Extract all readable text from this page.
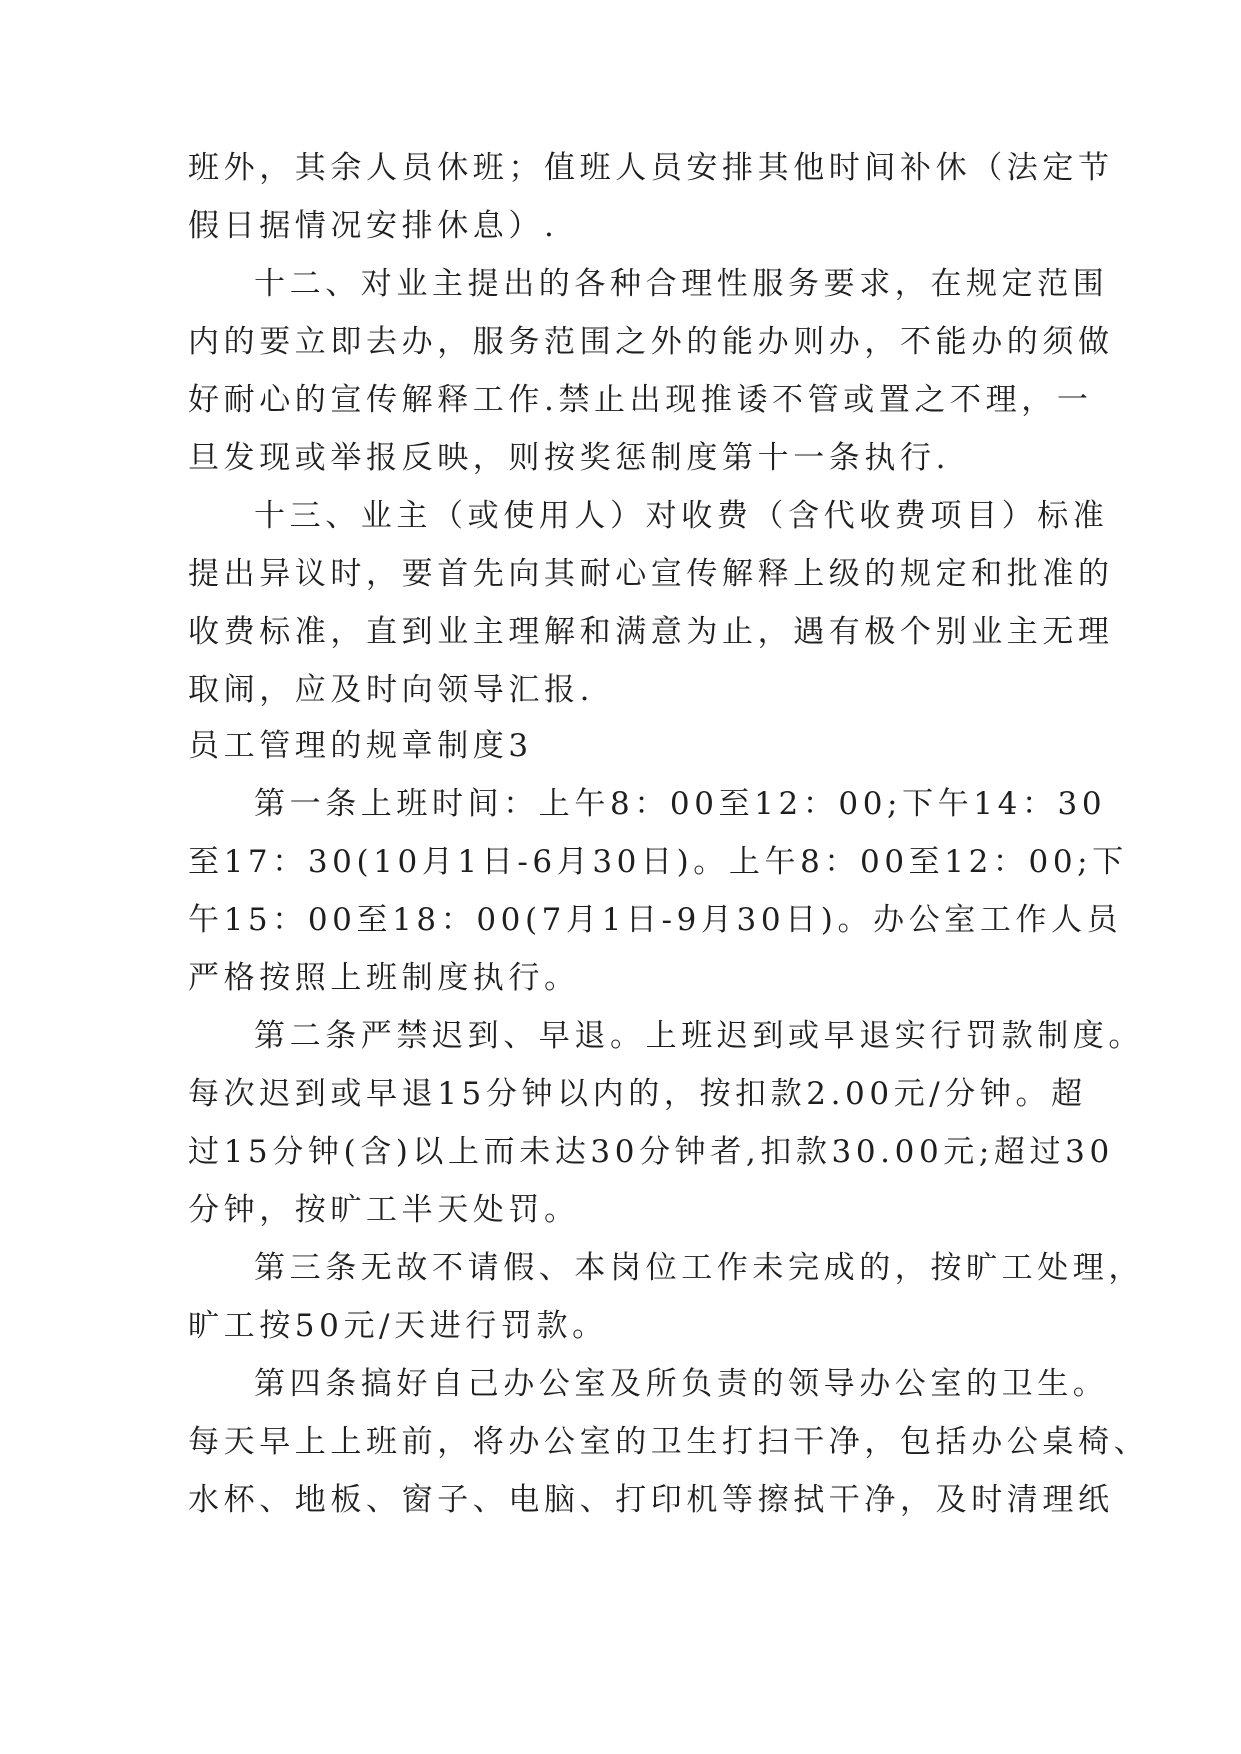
班外，其余人员休班；值班人员安排其他时间补休（法定节
假日据情况安排休息）.
十二、对业主提出的各种合理性服务要求，在规定范围
内的要立即去办，服务范围之外的能办则办，不能办的须做
好耐心的宣传解释工作.禁止出现推诿不管或置之不理，一
旦发现或举报反映，则按奖惩制度第十一条执行.
十三、业主（或使用人）对收费（含代收费项目）标准
提出异议时，要首先向其耐心宣传解释上级的规定和批准的
收费标准，直到业主理解和满意为止，遇有极个别业主无理
取闹，应及时向领导汇报.
员工管理的规章制度3
第一条上班时间：上午8：00至12：00;下午14：30
至17：30(10月1日-6月30日)。上午8：00至12：00;下
午15：00至18：00(7月1日-9月30日)。办公室工作人员
严格按照上班制度执行。
第二条严禁迟到、早退。上班迟到或早退实行罚款制度。
每次迟到或早退15分钟以内的，按扣款2.00元/分钟。超
过15分钟(含)以上而未达30分钟者,扣款30.00元;超过30
分钟，按旷工半天处罚。
第三条无故不请假、本岗位工作未完成的，按旷工处理，
旷工按50元/天进行罚款。
第四条搞好自己办公室及所负责的领导办公室的卫生。
每天早上上班前，将办公室的卫生打扫干净，包括办公桌椅、
水杯、地板、窗子、电脑、打印机等擦拭干净，及时清理纸
